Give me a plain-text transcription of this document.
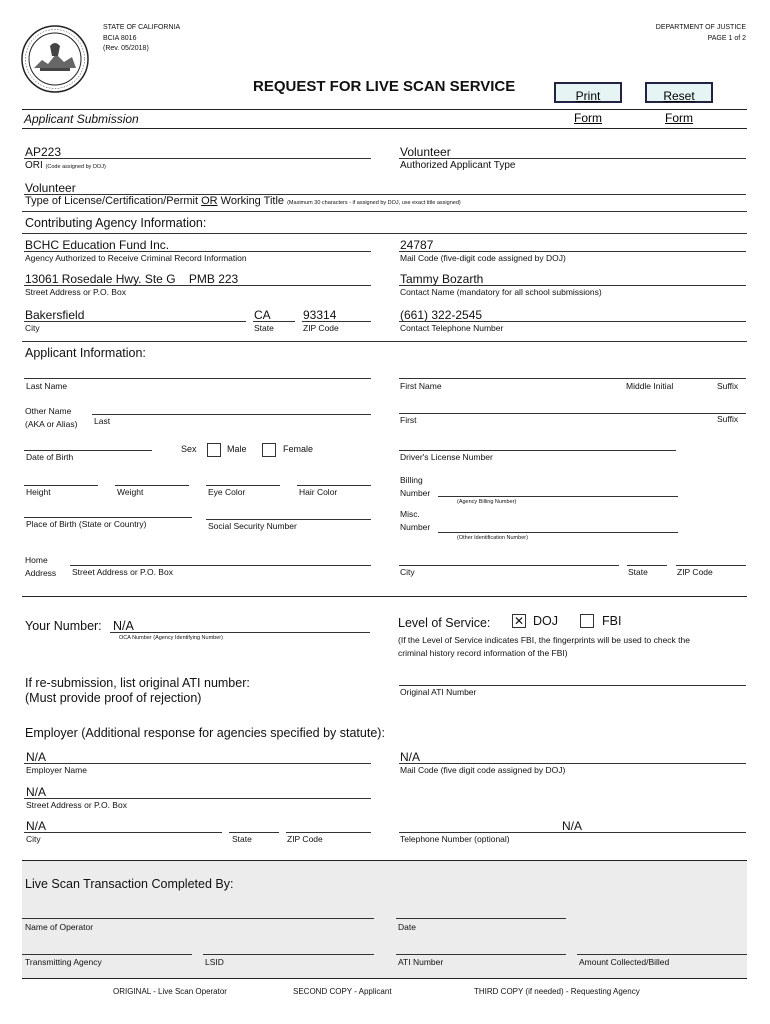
STATE OF CALIFORNIA
BCIA 8016
(Rev. 05/2018)
DEPARTMENT OF JUSTICE
PAGE 1 of 2
REQUEST FOR LIVE SCAN SERVICE
Print Form
Reset Form
Applicant Submission
AP223
ORI (Code assigned by DOJ)
Volunteer
Authorized Applicant Type
Volunteer
Type of License/Certification/Permit OR Working Title (Maximum 30 characters - if assigned by DOJ, use exact title assigned)
Contributing Agency Information:
BCHC Education Fund Inc.
Agency Authorized to Receive Criminal Record Information
24787
Mail Code (five-digit code assigned by DOJ)
13061 Rosedale Hwy. Ste G    PMB 223
Street Address or P.O. Box
Tammy Bozarth
Contact Name (mandatory for all school submissions)
Bakersfield	CA	93314
City	State	ZIP Code
(661) 322-2545
Contact Telephone Number
Applicant Information:
Last Name	First Name	Middle Initial	Suffix
Other Name
(AKA or Alias) Last	First	Suffix
Date of Birth
Sex	Male	Female
Driver's License Number
Height	Weight	Eye Color	Hair Color
Billing
Number
(Agency Billing Number)
Place of Birth (State or Country)	Social Security Number
Misc.
Number
(Other Identification Number)
Home
Address Street Address or P.O. Box	City	State	ZIP Code
Your Number: N/A
OCA Number (Agency Identifying Number)
Level of Service: ✕ DOJ	FBI
(If the Level of Service indicates FBI, the fingerprints will be used to check the
criminal history record information of the FBI)
If re-submission, list original ATI number:
(Must provide proof of rejection)	Original ATI Number
Employer (Additional response for agencies specified by statute):
N/A
Employer Name
N/A
Mail Code (five digit code assigned by DOJ)
N/A
Street Address or P.O. Box
N/A
City	State	ZIP Code
N/A
Telephone Number (optional)
Live Scan Transaction Completed By:
Name of Operator	Date
Transmitting Agency	LSID	ATI Number	Amount Collected/Billed
ORIGINAL - Live Scan Operator	SECOND COPY - Applicant	THIRD COPY (if needed) - Requesting Agency
